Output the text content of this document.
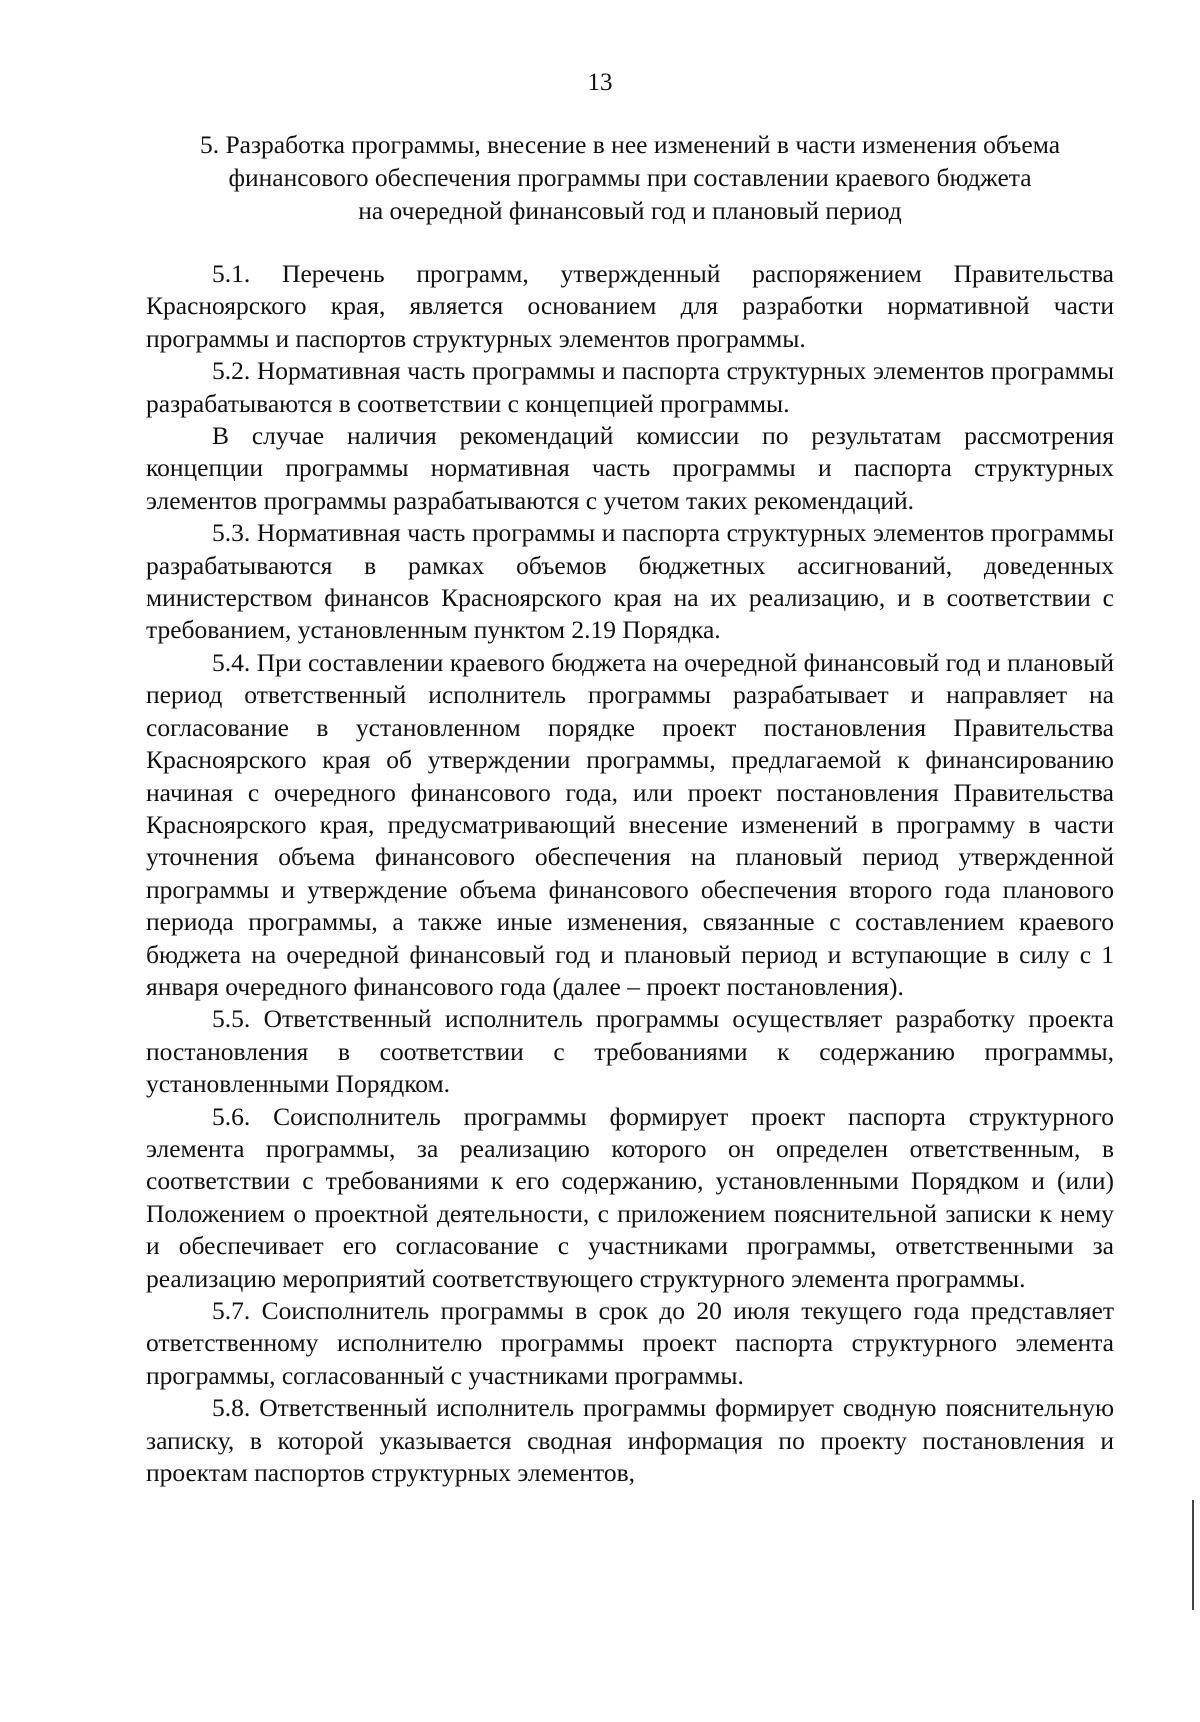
13
5. Разработка программы, внесение в нее изменений в части изменения объема
финансового обеспечения программы при составлении краевого бюджета
на очередной финансовый год и плановый период

5.1. Перечень программ, утвержденный распоряжением Правительства Красноярского края, является основанием для разработки нормативной части программы и паспортов структурных элементов программы.

5.2. Нормативная часть программы и паспорта структурных элементов программы разрабатываются в соответствии с концепцией программы.

В случае наличия рекомендаций комиссии по результатам рассмотрения концепции программы нормативная часть программы и паспорта структурных элементов программы разрабатываются с учетом таких рекомендаций.

5.3. Нормативная часть программы и паспорта структурных элементов программы разрабатываются в рамках объемов бюджетных ассигнований, доведенных министерством финансов Красноярского края на их реализацию, и в соответствии с требованием, установленным пунктом 2.19 Порядка.

5.4. При составлении краевого бюджета на очередной финансовый год и плановый период ответственный исполнитель программы разрабатывает и направляет на согласование в установленном порядке проект постановления Правительства Красноярского края об утверждении программы, предлагаемой к финансированию начиная с очередного финансового года, или проект постановления Правительства Красноярского края, предусматривающий внесение изменений в программу в части уточнения объема финансового обеспечения на плановый период утвержденной программы и утверждение объема финансового обеспечения второго года планового периода программы, а также иные изменения, связанные с составлением краевого бюджета на очередной финансовый год и плановый период и вступающие в силу с 1 января очередного финансового года (далее – проект постановления).

5.5. Ответственный исполнитель программы осуществляет разработку проекта постановления в соответствии с требованиями к содержанию программы, установленными Порядком.

5.6. Соисполнитель программы формирует проект паспорта структурного элемента программы, за реализацию которого он определен ответственным, в соответствии с требованиями к его содержанию, установленными Порядком и (или) Положением о проектной деятельности, с приложением пояснительной записки к нему и обеспечивает его согласование с участниками программы, ответственными за реализацию мероприятий соответствующего структурного элемента программы.

5.7. Соисполнитель программы в срок до 20 июля текущего года представляет ответственному исполнителю программы проект паспорта структурного элемента программы, согласованный с участниками программы.

5.8. Ответственный исполнитель программы формирует сводную пояснительную записку, в которой указывается сводная информация по проекту постановления и проектам паспортов структурных элементов,
